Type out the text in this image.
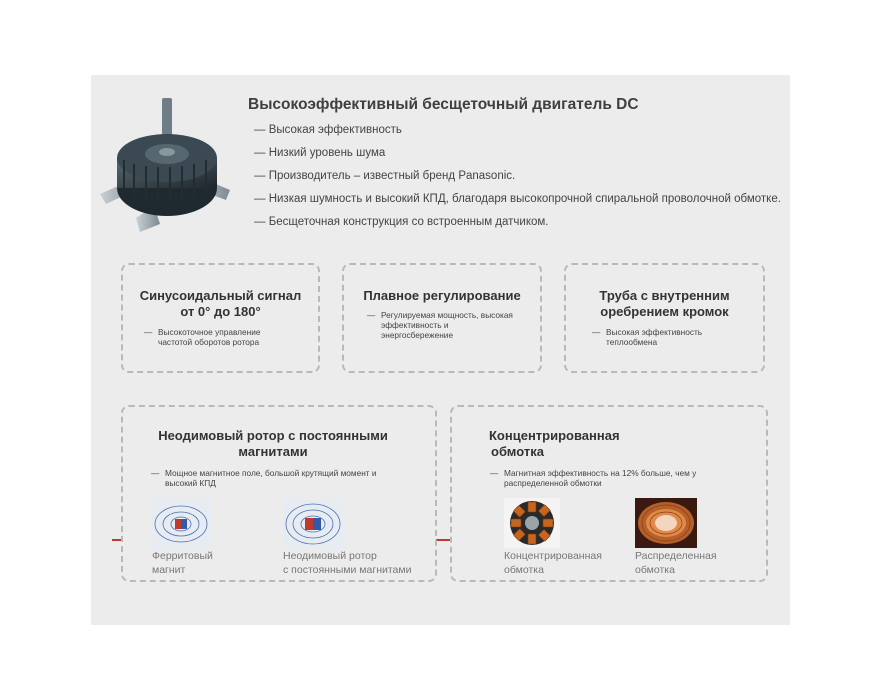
Высокоэффективный бесщеточный двигатель DC
— Высокая эффективность
— Низкий уровень шума
— Производитель – известный бренд Panasonic.
— Низкая шумность и высокий КПД, благодаря высокопрочной спиральной проволочной обмотке.
— Бесщеточная конструкция со встроенным датчиком.
Синусоидальный сигнал
от 0° до 180°
— Высокоточное управление
частотой оборотов ротора
Плавное регулирование
— Регулируемая мощность, высокая
эффективность и
энергосбережение
Труба с внутренним
оребрением кромок
— Высокая эффективность
теплообмена
Неодимовый ротор с постоянными
магнитами
— Мощное магнитное поле, большой крутящий момент и
высокий КПД
Ферритовый
магнит
Неодимовый ротор
с постоянными магнитами
Концентрированная
обмотка
— Магнитная эффективность на 12% больше, чем у
распределенной обмотки
Концентрированная
обмотка
Распределенная
обмотка
